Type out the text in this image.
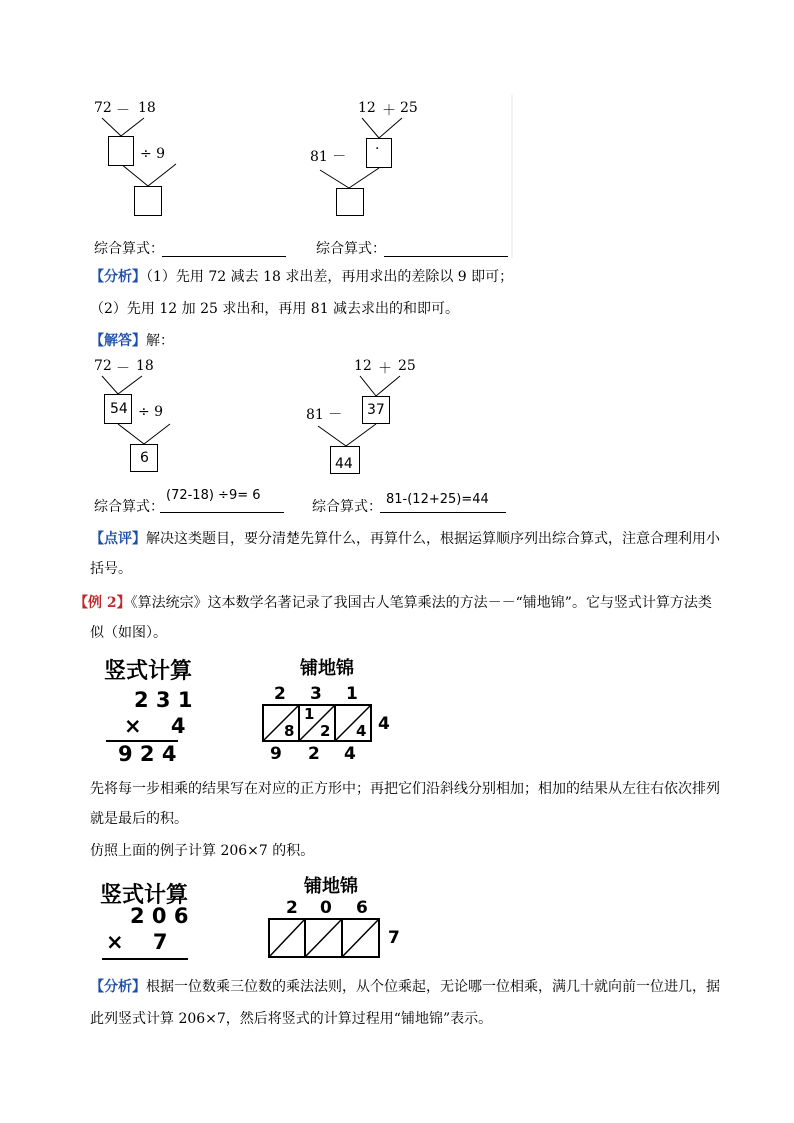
72 － 18
÷ 9
12 ＋ 25
81 － ·
综合算式：	综合算式：
【分析】（1）先用 72 减去 18 求出差，再用求出的差除以 9 即可；
（2）先用 12 加 25 求出和，再用 81 减去求出的和即可。
【解答】解：
72 － 18
54 ÷ 9
6
12 ＋ 25
81 － 37
44
综合算式：
(72-18) ÷9= 6
综合算式： 81-(12+25)=44
【点评】解决这类题目，要分清楚先算什么，再算什么，根据运算顺序列出综合算式，注意合理利用小
括号。
【例 2】《算法统宗》这本数学名著记录了我国古人笔算乘法的方法－－“铺地锦”。它与竖式计算方法类
似（如图）。
竖式计算
2 3 1
×    4
9 2 4
铺地锦
2 3 1
8
1
2 4 4
9 2 4
先将每一步相乘的结果写在对应的正方形中；再把它们沿斜线分别相加；相加的结果从左往右依次排列
就是最后的积。
仿照上面的例子计算 206×7 的积。
竖式计算
2 0 6
×    7
铺地锦
2 0 6
7
【分析】根据一位数乘三位数的乘法法则，从个位乘起，无论哪一位相乘，满几十就向前一位进几，据
此列竖式计算 206×7，然后将竖式的计算过程用“铺地锦”表示。
